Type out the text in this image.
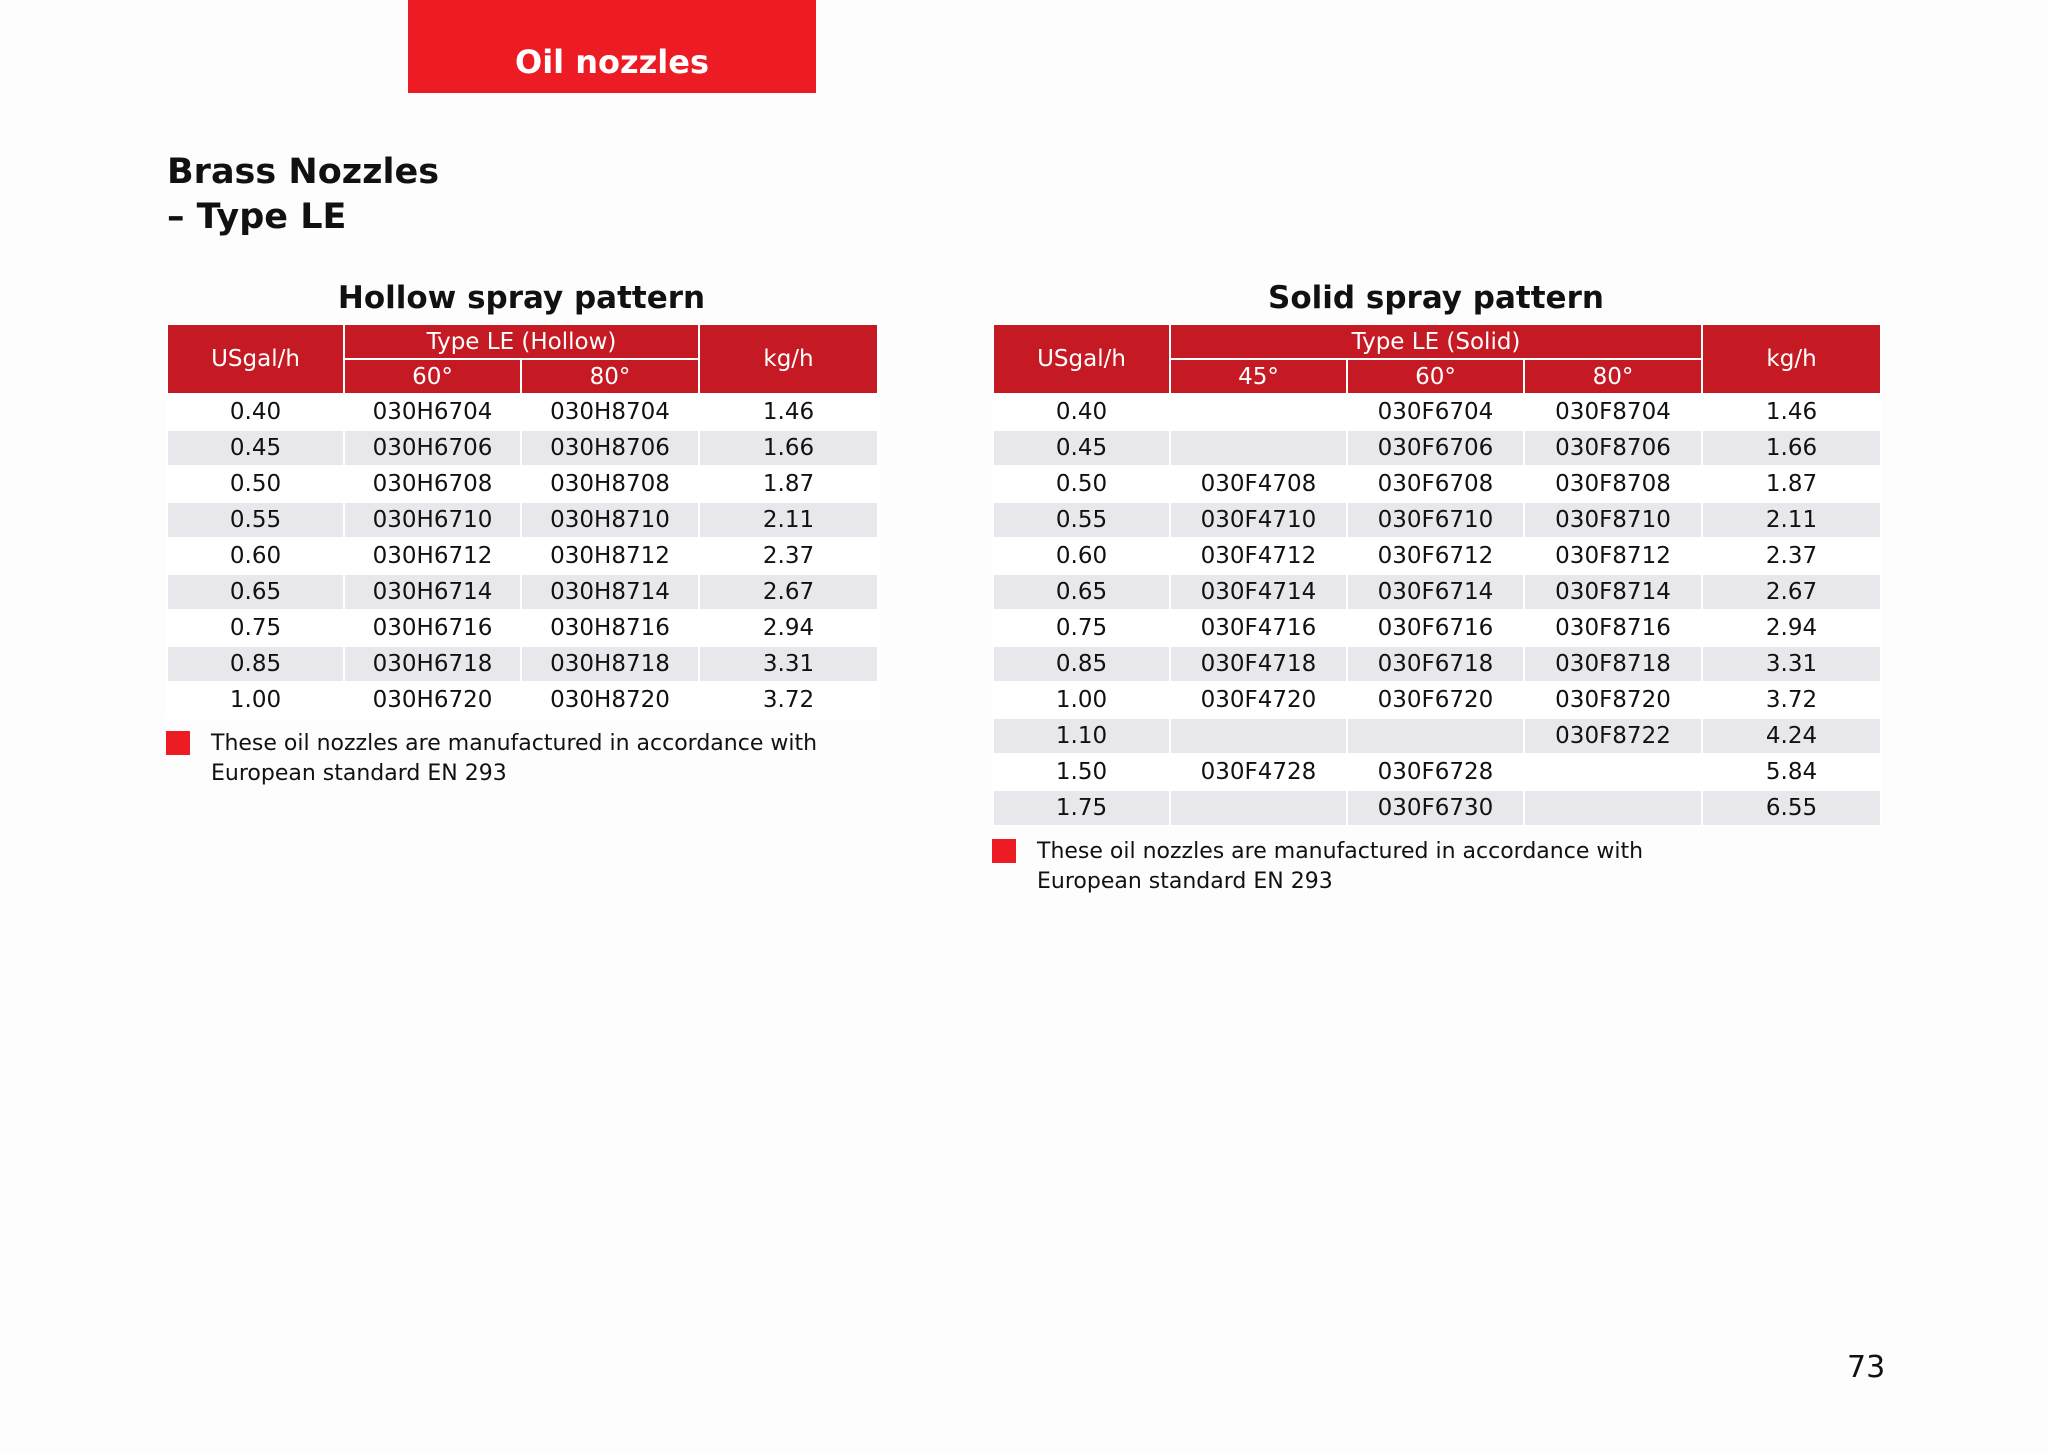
Oil nozzles
Brass Nozzles
– Type LE
Hollow spray pattern
USgal/h	Type LE (Hollow)		kg/h
	60°	80°	
0.40	030H6704	030H8704	1.46
0.45	030H6706	030H8706	1.66
0.50	030H6708	030H8708	1.87
0.55	030H6710	030H8710	2.11
0.60	030H6712	030H8712	2.37
0.65	030H6714	030H8714	2.67
0.75	030H6716	030H8716	2.94
0.85	030H6718	030H8718	3.31
1.00	030H6720	030H8720	3.72
These oil nozzles are manufactured in accordance with European standard EN 293
Solid spray pattern
USgal/h	Type LE (Solid)			kg/h
	45°	60°	80°	
0.40		030F6704	030F8704	1.46
0.45		030F6706	030F8706	1.66
0.50	030F4708	030F6708	030F8708	1.87
0.55	030F4710	030F6710	030F8710	2.11
0.60	030F4712	030F6712	030F8712	2.37
0.65	030F4714	030F6714	030F8714	2.67
0.75	030F4716	030F6716	030F8716	2.94
0.85	030F4718	030F6718	030F8718	3.31
1.00	030F4720	030F6720	030F8720	3.72
1.10			030F8722	4.24
1.50	030F4728	030F6728		5.84
1.75		030F6730		6.55
These oil nozzles are manufactured in accordance with European standard EN 293
73
